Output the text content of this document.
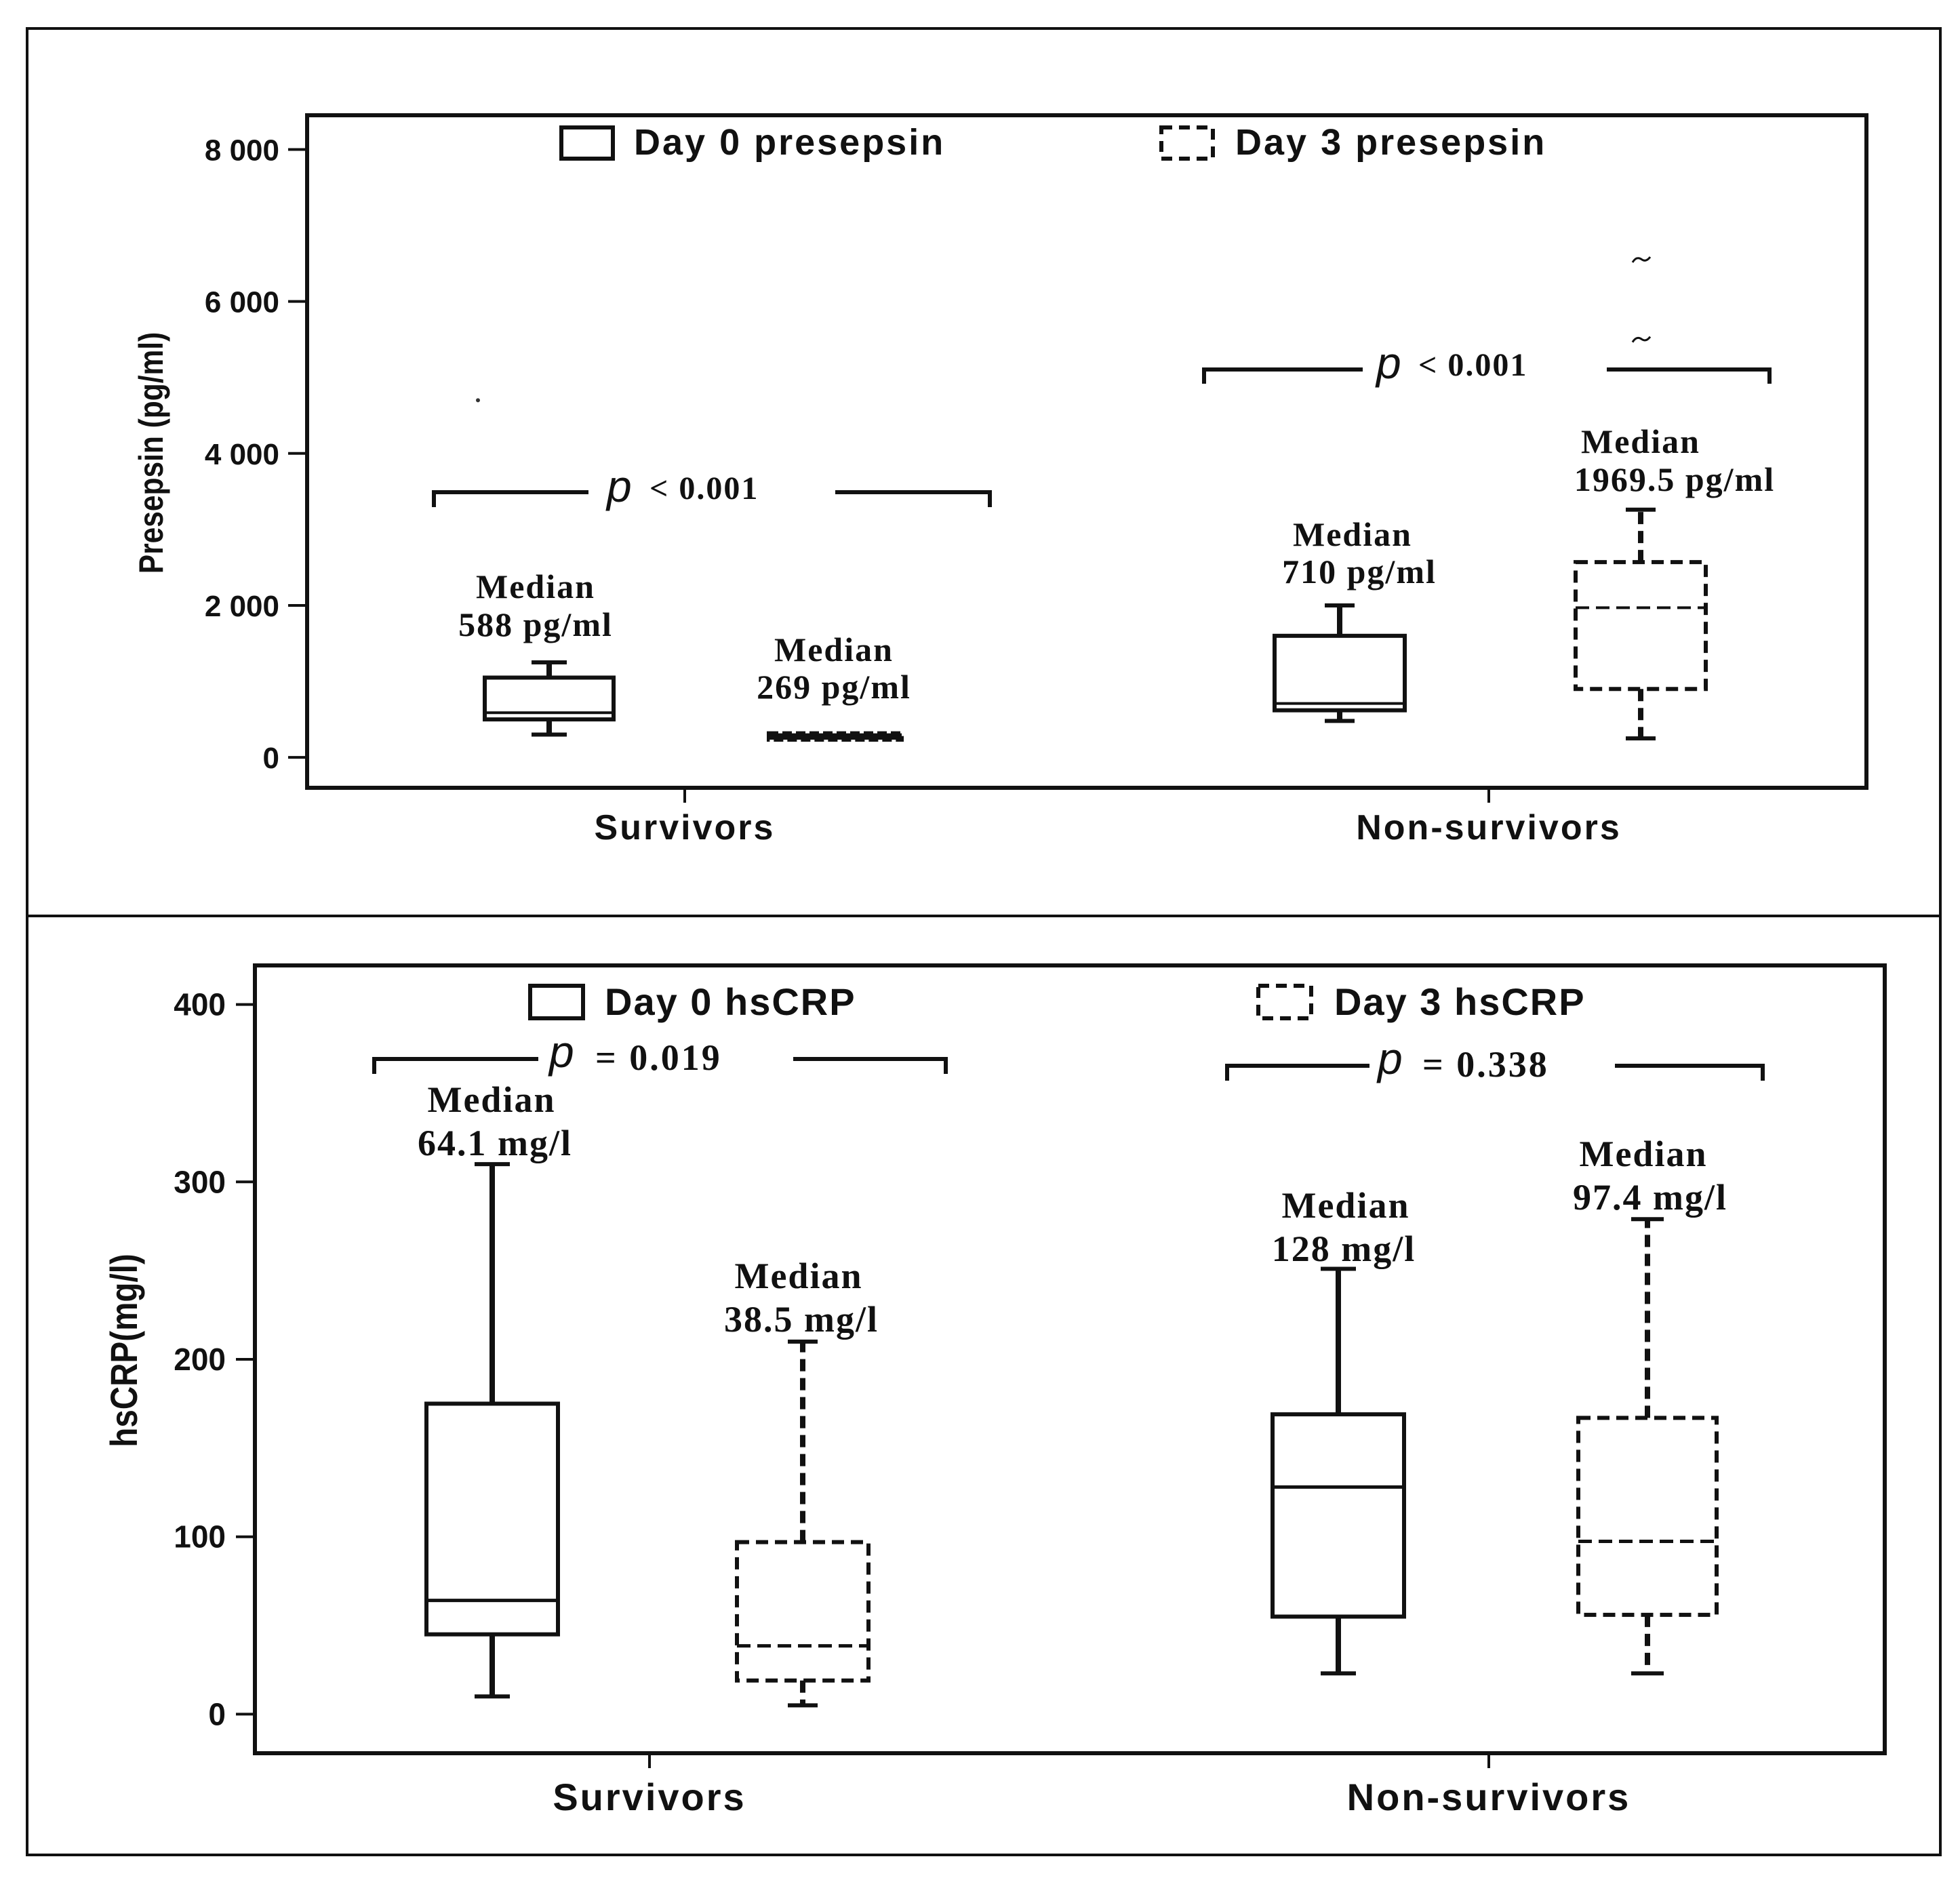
0
2 000
4 000
6 000
8 000
Presepsin (pg/ml)
Survivors	Non-survivors
Day 0 presepsin	Day 3 presepsin
Median
588 pg/ml
Median
269 pg/ml
Median
710 pg/ml
Median
1969.5 pg/ml
p < 0.001
p < 0.001
0
100
200
300
400
hsCRP(mg/l)
Survivors	Non-survivors
Day 0 hsCRP	Day 3 hsCRP
Median
64.1 mg/l
Median
38.5 mg/l
Median
128 mg/l
Median
97.4 mg/l
p = 0.019	p = 0.338
